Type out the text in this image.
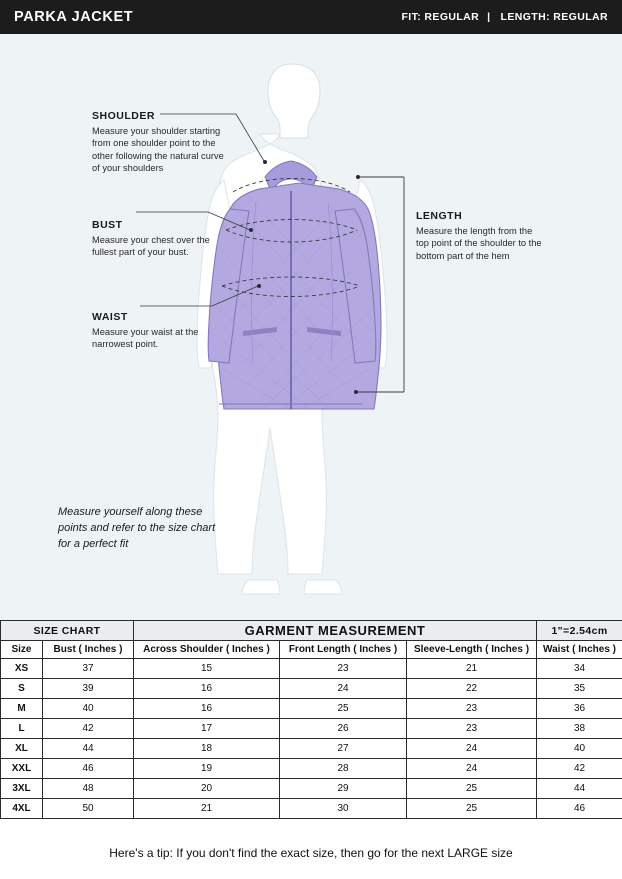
PARKA JACKET	FIT: REGULAR | LENGTH: REGULAR
SHOULDER
Measure your shoulder starting from one shoulder point to the other following the natural curve of your shoulders
BUST
Measure your chest over the fullest part of your bust.
WAIST
Measure your waist at the narrowest point.
LENGTH
Measure the length from the top point of the shoulder to the bottom part of the hem
Measure yourself along these points and refer to the size chart for a perfect fit
SIZE CHART		GARMENT MEASUREMENT			1"=2.54cm
Size	Bust ( Inches )	Across Shoulder ( Inches )	Front Length ( Inches )	Sleeve-Length ( Inches )	Waist ( Inches )
XS	37	15	23	21	34
S	39	16	24	22	35
M	40	16	25	23	36
L	42	17	26	23	38
XL	44	18	27	24	40
XXL	46	19	28	24	42
3XL	48	20	29	25	44
4XL	50	21	30	25	46
Here's a tip: If you don't find the exact size, then go for the next LARGE size
